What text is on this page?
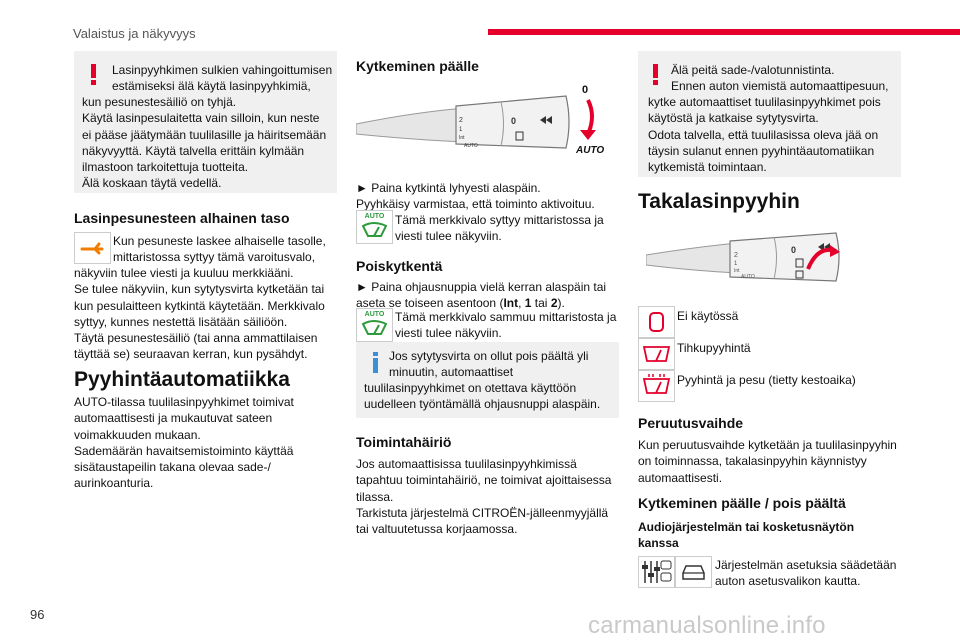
Valaistus ja näkyvyys
Lasinpyyhkimen sulkien vahingoittumisen
estämiseksi älä käytä lasinpyyhkimiä,
kun pesunestesäiliö on tyhjä.
Käytä lasinpesulaitetta vain silloin, kun neste
ei pääse jäätymään tuulilasille ja häiritsemään
näkyvyyttä. Käytä talvella erittäin kylmään
ilmastoon tarkoitettuja tuotteita.
Älä koskaan täytä vedellä.
Lasinpesunesteen alhainen taso
Kun pesuneste laskee alhaiselle tasolle,
mittaristossa syttyy tämä varoitusvalo,
näkyviin tulee viesti ja kuuluu merkkiääni.
Se tulee näkyviin, kun sytytysvirta kytketään tai
kun pesulaitteen kytkintä käytetään. Merkkivalo
syttyy, kunnes nestettä lisätään säiliöön.
Täytä pesunestesäiliö (tai anna ammattilaisen
täyttää se) seuraavan kerran, kun pysähdyt.
Pyyhintäautomatiikka
AUTO-tilassa tuulilasinpyyhkimet toimivat
automaattisesti ja mukautuvat sateen
voimakkuuden mukaan.
Sademäärän havaitsemistoiminto käyttää
sisätaustapeilin takana olevaa sade-/
aurinkoanturia.
Kytkeminen päälle
2
1
Int
AUTO
0
0
AUTO
► Paina kytkintä lyhyesti alaspäin.
Pyyhkäisy varmistaa, että toiminto aktivoituu.
AUTO Tämä merkkivalo syttyy mittaristossa ja
viesti tulee näkyviin.
Poiskytkentä
► Paina ohjausnuppia vielä kerran alaspäin tai
aseta se toiseen asentoon (Int, 1 tai 2).
AUTO Tämä merkkivalo sammuu mittaristosta ja
viesti tulee näkyviin.
Jos sytytysvirta on ollut pois päältä yli
minuutin, automaattiset
tuulilasinpyyhkimet on otettava käyttöön
uudelleen työntämällä ohjausnuppi alaspäin.
Toimintahäiriö
Jos automaattisissa tuulilasinpyyhkimissä
tapahtuu toimintahäiriö, ne toimivat ajoittaisessa
tilassa.
Tarkistuta järjestelmä CITROËN-jälleenmyyjällä
tai valtuutetussa korjaamossa.
Älä peitä sade-/valotunnistinta.
Ennen auton viemistä automaattipesuun,
kytke automaattiset tuulilasinpyyhkimet pois
käytöstä ja katkaise sytytysvirta.
Odota talvella, että tuulilasissa oleva jää on
täysin sulanut ennen pyyhintäautomatiikan
kytkemistä toimintaan.
Takalasinpyyhin
2
1
Int
AUTO
0
Ei käytössä
Tihkupyyhintä
Pyyhintä ja pesu (tietty kestoaika)
Peruutusvaihde
Kun peruutusvaihde kytketään ja tuulilasinpyyhin
on toiminnassa, takalasinpyyhin käynnistyy
automaattisesti.
Kytkeminen päälle / pois päältä
Audiojärjestelmän tai kosketusnäytön
kanssa
Järjestelmän asetuksia säädetään
auton asetusvalikon kautta.
96	carmanualsonline.info
